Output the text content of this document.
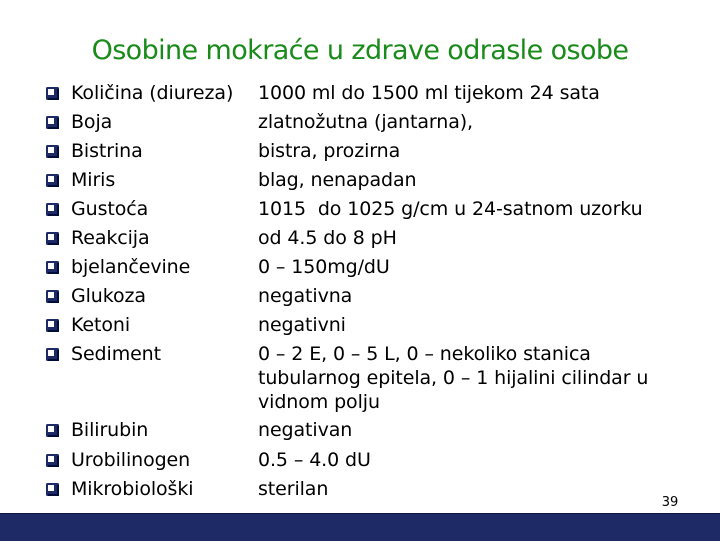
Osobine mokraće u zdrave odrasle osobe
Količina (diureza) 1000 ml do 1500 ml tijekom 24 sata
Boja	zlatnožutna (jantarna),
Bistrina	bistra, prozirna
Miris	blag, nenapadan
Gustoća	1015  do 1025 g/cm u 24-satnom uzorku
Reakcija	od 4.5 do 8 pH
bjelančevine	0 – 150mg/dU
Glukoza	negativna
Ketoni	negativni
Sediment	0 – 2 E, 0 – 5 L, 0 – nekoliko stanica
tubularnog epitela, 0 – 1 hijalini cilindar u
vidnom polju
Bilirubin	negativan
Urobilinogen	0.5 – 4.0 dU
Mikrobiološki	sterilan
39
